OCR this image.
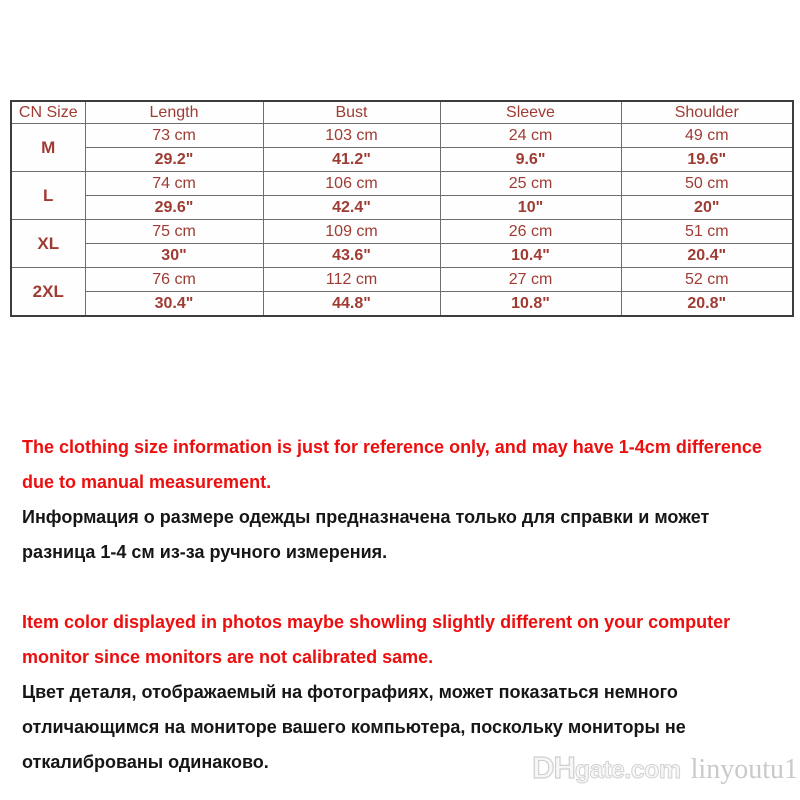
CN Size	Length	Bust	Sleeve	Shoulder
M	73 cm	103 cm	24 cm	49 cm
	29.2"	41.2"	9.6"	19.6"
L	74 cm	106 cm	25 cm	50 cm
	29.6"	42.4"	10"	20"
XL	75 cm	109 cm	26 cm	51 cm
	30"	43.6"	10.4"	20.4"
2XL	76 cm	112 cm	27 cm	52 cm
	30.4"	44.8"	10.8"	20.8"
The clothing size information is just for reference only, and may have 1-4cm difference
due to manual measurement.
Информация о размере одежды предназначена только для справки и может
разница 1-4 см из-за ручного измерения.
Item color displayed in photos maybe showling slightly different on your computer
monitor since monitors are not calibrated same.
Цвет деталя, отображаемый на фотографиях, может показаться немного
отличающимся на мониторе вашего компьютера, поскольку мониторы не
откалиброваны одинаково.	DH gate.com linyoutu1
